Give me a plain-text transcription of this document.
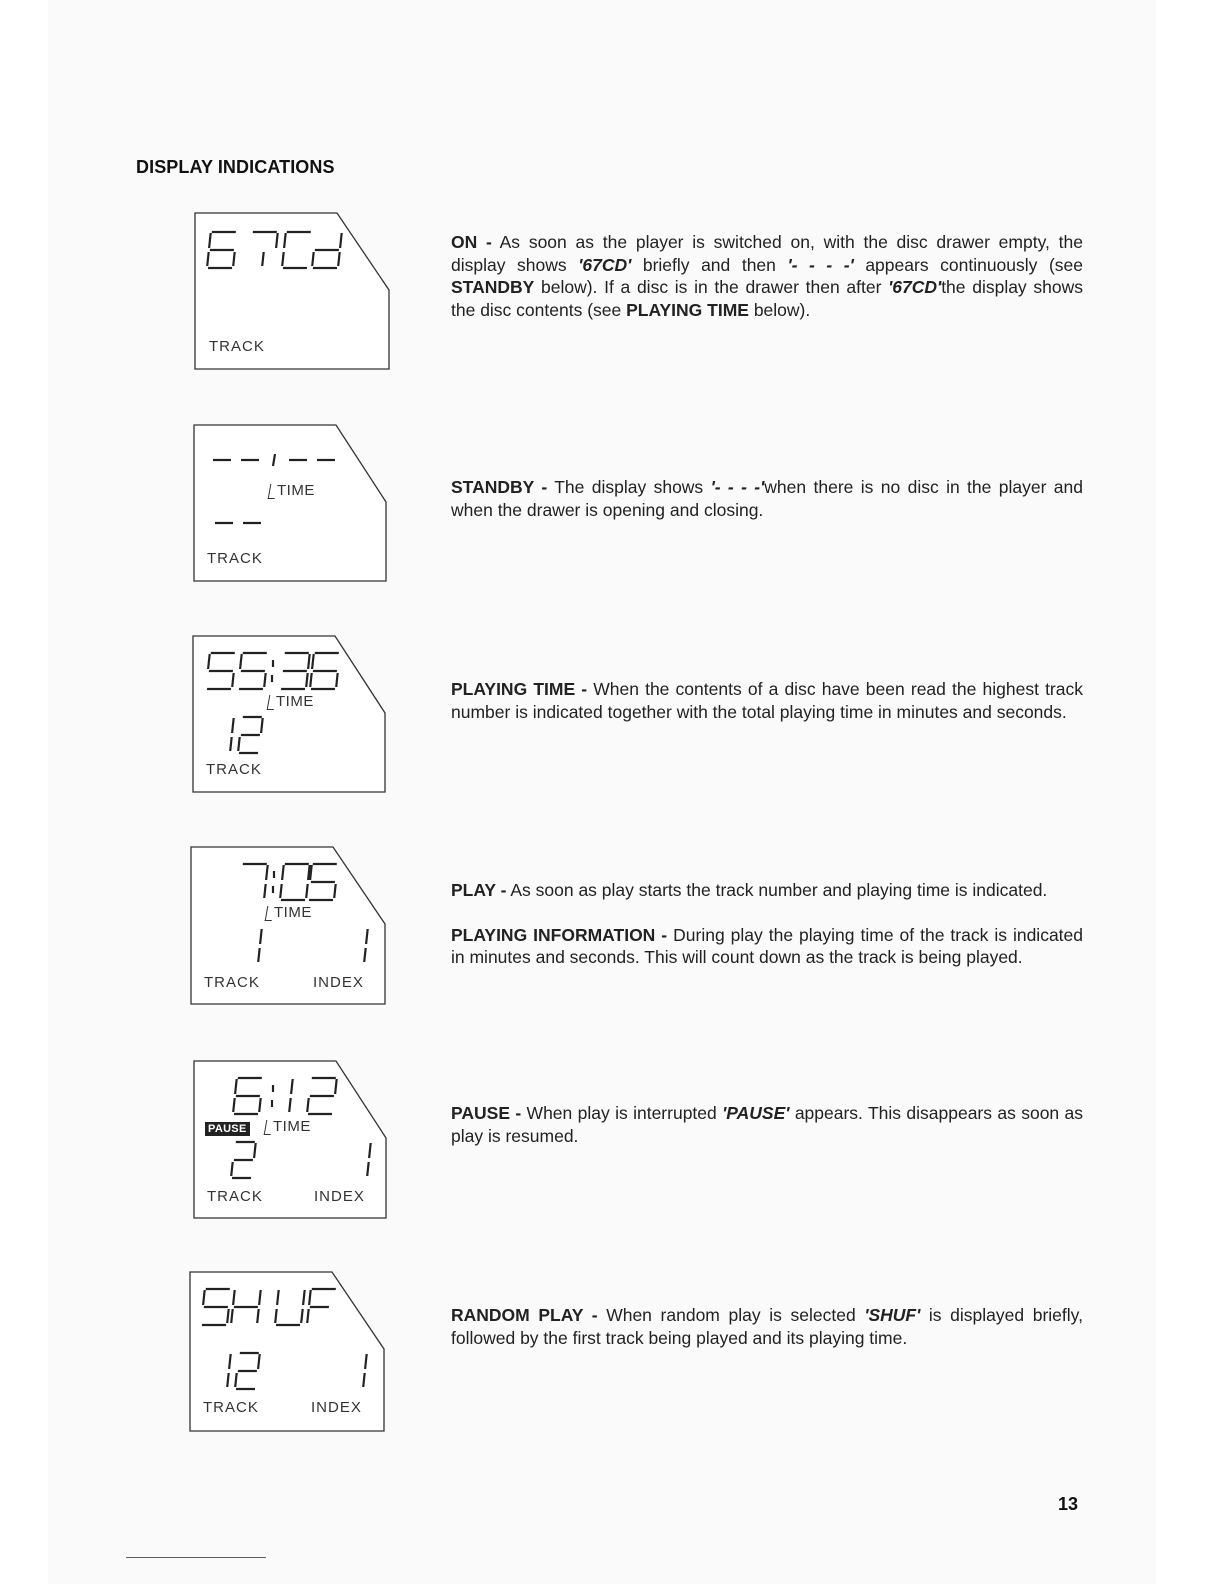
DISPLAY INDICATIONS
TRACK
TIME
TRACK
TIME
TRACK
TIME
TRACK	INDEX
PAUSE	TIME
TRACK	INDEX
TRACK	INDEX

ON - As soon as the player is switched on, with the disc drawer empty, the display shows '67CD' briefly and then '- - - -' appears continuously (see STANDBY below). If a disc is in the drawer then after '67CD'the display shows the disc contents (see PLAYING TIME below).

STANDBY - The display shows '- - - -'when there is no disc in the player and when the drawer is opening and closing.

PLAYING TIME - When the contents of a disc have been read the highest track number is indicated together with the total playing time in minutes and seconds.

PLAY - As soon as play starts the track number and playing time is indicated.

PLAYING INFORMATION - During play the playing time of the track is indicated in minutes and seconds. This will count down as the track is being played.

PAUSE - When play is interrupted 'PAUSE' appears. This disappears as soon as play is resumed.

RANDOM PLAY - When random play is selected 'SHUF' is displayed briefly, followed by the first track being played and its playing time.

13
